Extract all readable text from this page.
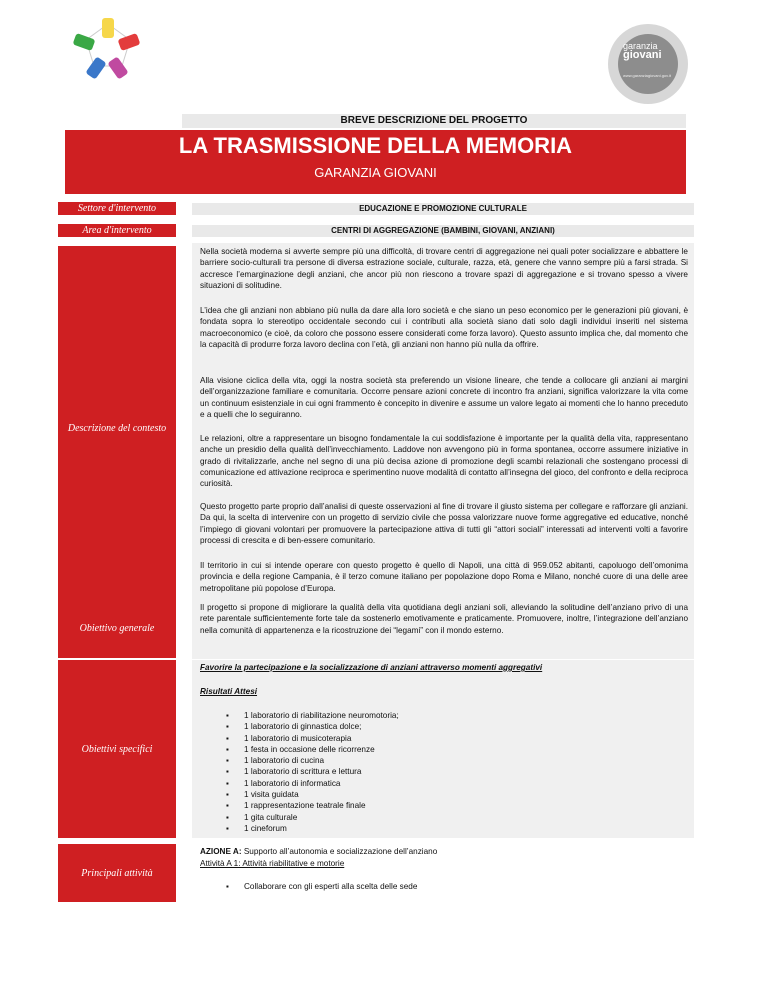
garanzia
giovani
www.garanziagiovani.gov.it
BREVE DESCRIZIONE DEL PROGETTO
LA TRASMISSIONE DELLA MEMORIA
GARANZIA GIOVANI
Settore d'intervento	EDUCAZIONE E PROMOZIONE CULTURALE
Area d'intervento	CENTRI DI AGGREGAZIONE (BAMBINI, GIOVANI, ANZIANI)
Descrizione del contesto

Nella società moderna si avverte sempre più una difficoltà, di trovare centri di aggregazione nei quali poter socializzare e abbattere le barriere socio-culturali tra persone di diversa estrazione sociale, culturale, razza, età, genere che vanno sempre più a farsi strada. Si accresce l’emarginazione degli anziani, che ancor più non riescono a trovare spazi di aggregazione e si trovano spesso a vivere situazioni di solitudine.

L’idea che gli anziani non abbiano più nulla da dare alla loro società e che siano un peso economico per le generazioni più giovani, è fondata sopra lo stereotipo occidentale secondo cui i contributi alla società siano dati solo dagli individui inseriti nel sistema macroeconomico (e cioè, da coloro che possono essere considerati come forza lavoro). Questo assunto implica che, dal momento che la capacità di produrre forza lavoro declina con l’età, gli anziani non hanno più nulla da offrire.

Alla visione ciclica della vita, oggi la nostra società sta preferendo un visione lineare, che tende a collocare gli anziani ai margini dell’organizzazione familiare e comunitaria. Occorre pensare azioni concrete di incontro fra anziani, significa valorizzare la vita come un continuum esistenziale in cui ogni frammento è concepito in divenire e assume un valore legato ai momenti che lo hanno preceduto e a quelli che lo seguiranno.

Le relazioni, oltre a rappresentare un bisogno fondamentale la cui soddisfazione è importante per la qualità della vita, rappresentano anche un presidio della qualità dell’invecchiamento. Laddove non avvengono più in forma spontanea, occorre assumere iniziative in grado di rivitalizzarle, anche nel segno di una più decisa azione di promozione degli scambi relazionali che sostengano processi di comunicazione ed attivazione reciproca e sperimentino nuove modalità di contatto all’insegna del gioco, del confronto e della reciproca curiosità.

Questo progetto parte proprio dall’analisi di queste osservazioni al fine di trovare il giusto sistema per collegare e rafforzare gli anziani. Da qui, la scelta di intervenire con un progetto di servizio civile che possa valorizzare nuove forme aggregative ed educative, nonché l’impiego di giovani volontari per promuovere la partecipazione attiva di tutti gli “attori sociali” interessati ad interventi volti a favorire processi di crescita e di ben-essere comunitario.

Il territorio in cui si intende operare con questo progetto è quello di Napoli, una città di 959.052 abitanti, capoluogo dell’omonima provincia e della regione Campania, è il terzo comune italiano per popolazione dopo Roma e Milano, nonché cuore di una delle aree metropolitane più popolose d’Europa.

Obiettivo generale

Il progetto si propone di migliorare la qualità della vita quotidiana degli anziani soli, alleviando la solitudine dell’anziano privo di una rete parentale sufficientemente forte tale da sostenerlo emotivamente e praticamente. Promuovere, inoltre, l’integrazione dell’anziano nella comunità di appartenenza e la ricostruzione dei “legami” con il mondo esterno.

Obiettivi specifici
Favorire la partecipazione e la socializzazione di anziani attraverso momenti aggregativi
Risultati Attesi
▪ 1 laboratorio di riabilitazione neuromotoria;
▪ 1 laboratorio di ginnastica dolce;
▪ 1 laboratorio di musicoterapia
▪ 1 festa in occasione delle ricorrenze
▪ 1 laboratorio di cucina
▪ 1 laboratorio di scrittura e lettura
▪ 1 laboratorio di informatica
▪ 1 visita guidata
▪ 1 rappresentazione teatrale finale
▪ 1 gita culturale
▪ 1 cineforum
Principali attività
AZIONE A: Supporto all’autonomia e socializzazione dell’anziano
Attività A 1: Attività riabilitative e motorie
▪ Collaborare con gli esperti alla scelta delle sede
